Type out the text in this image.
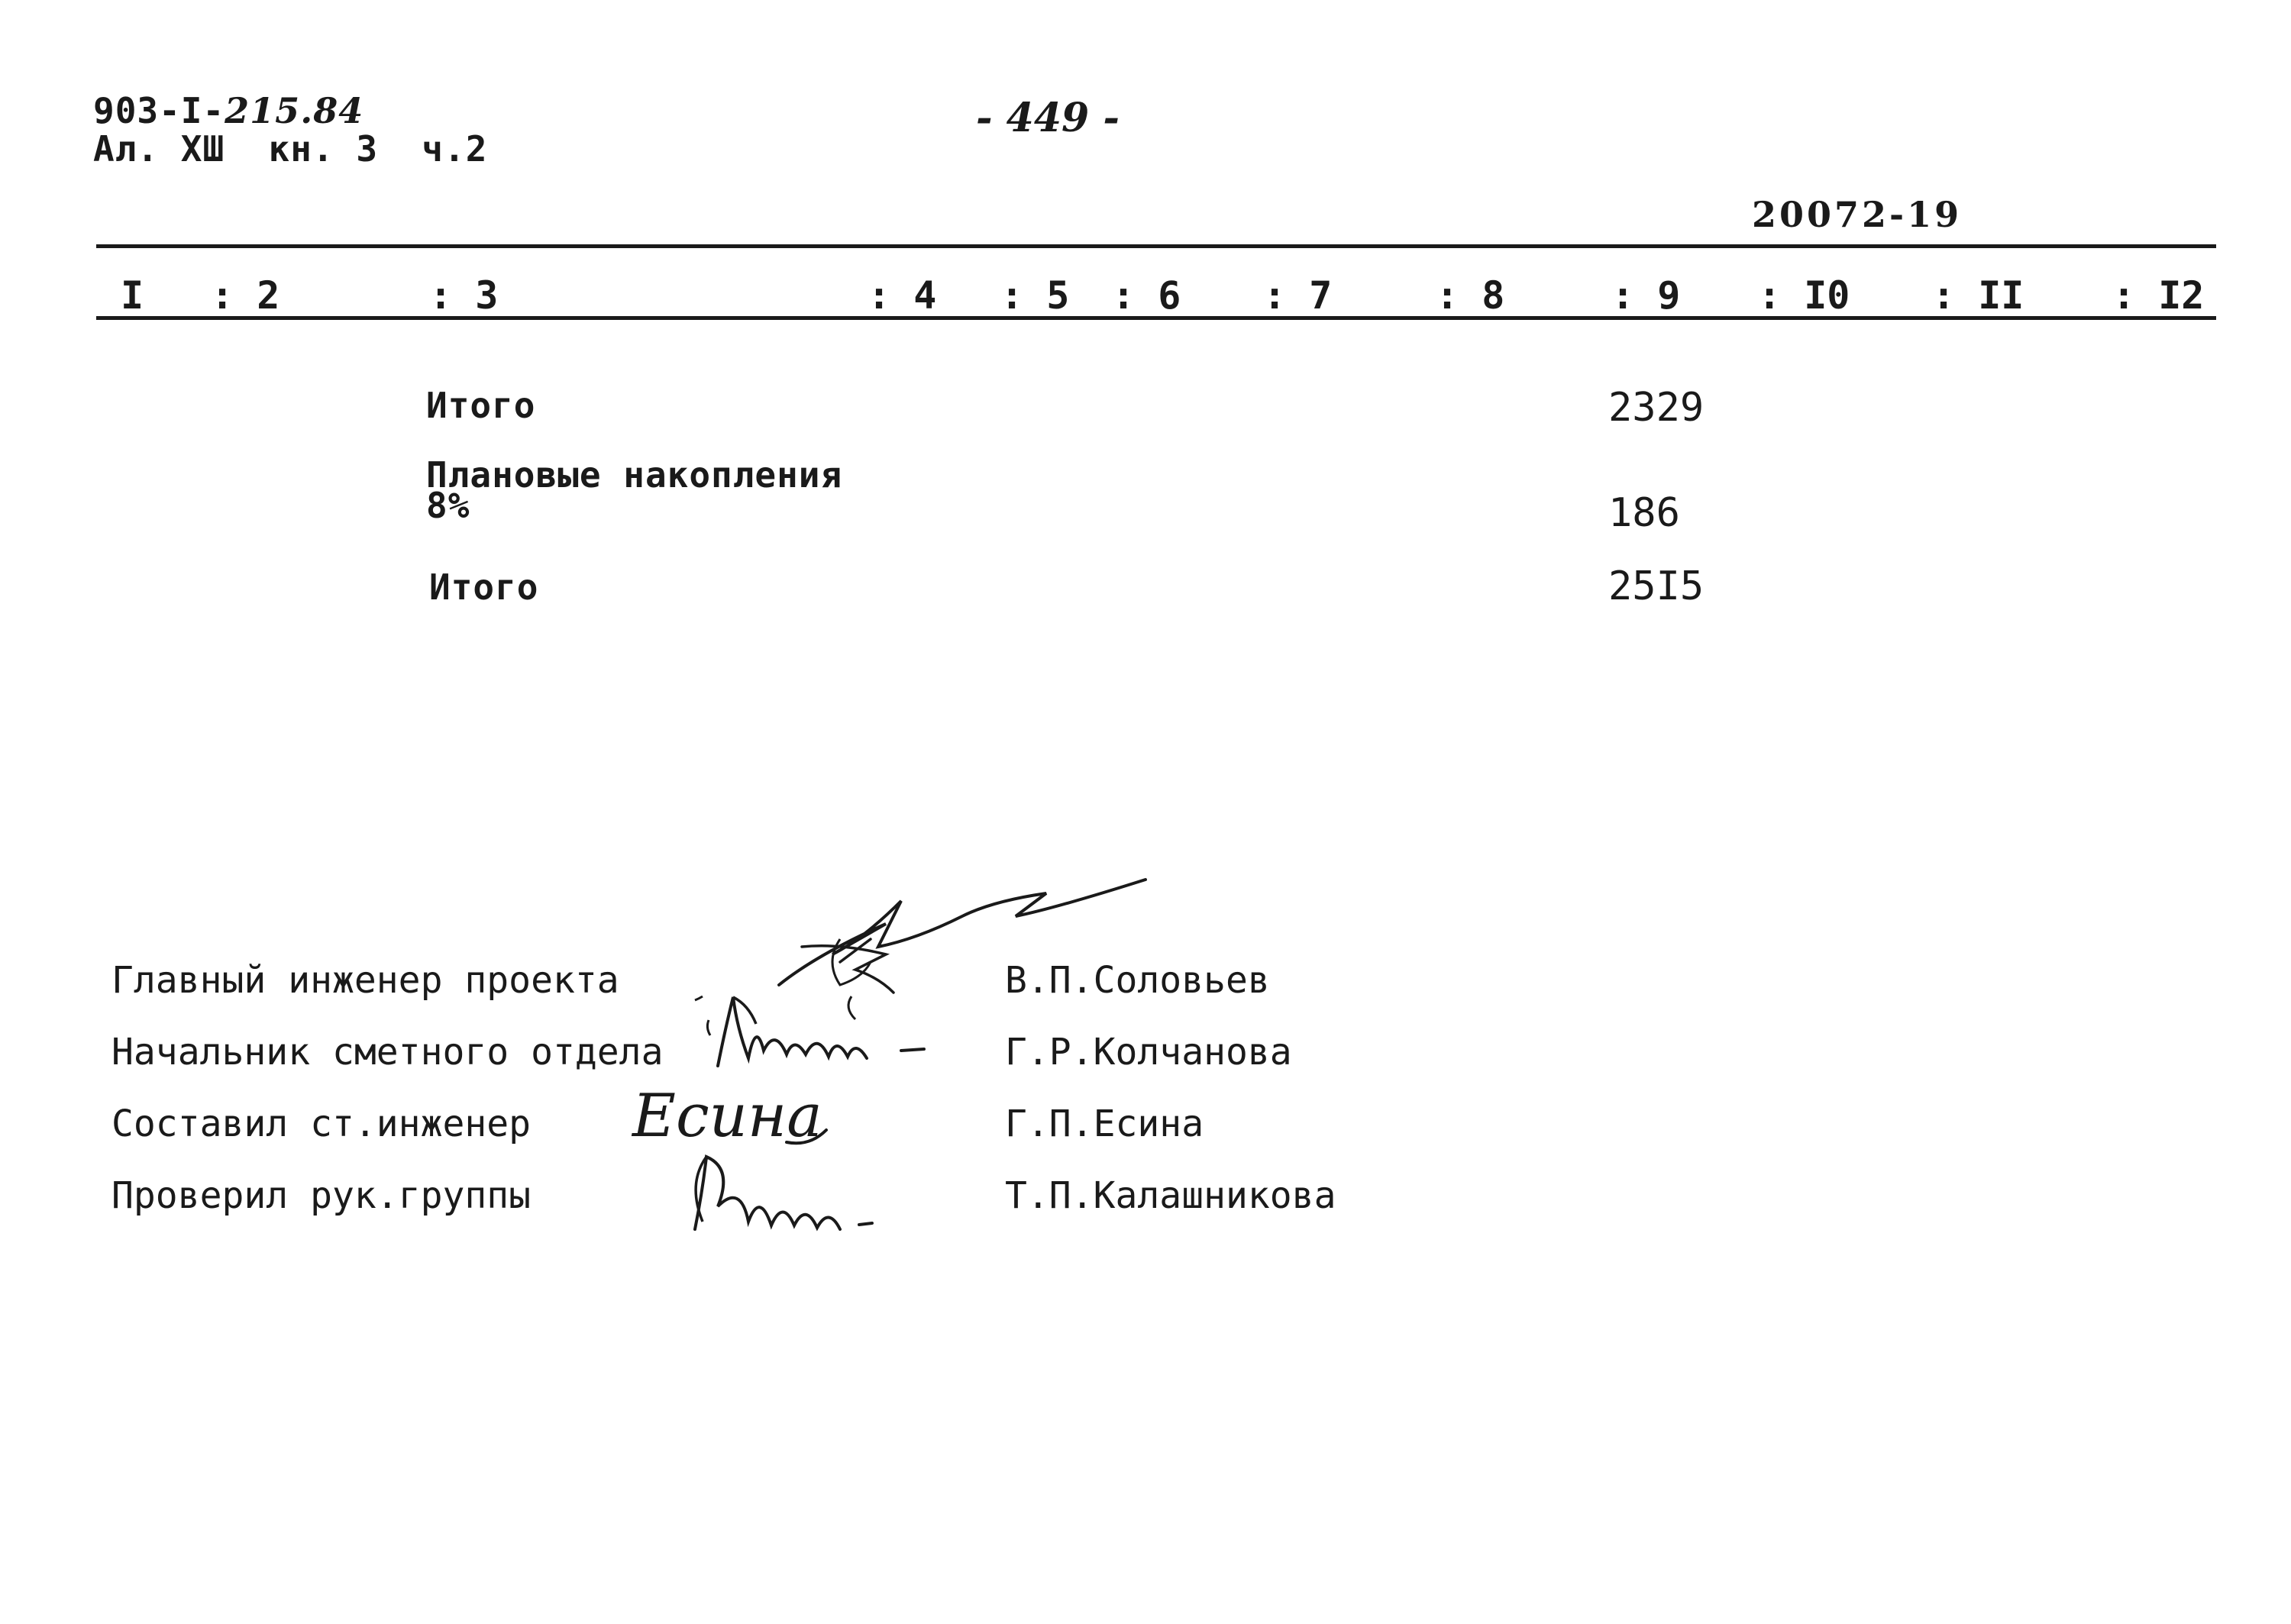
903-I-215.84
Ал. ХШ  кн. 3  ч.2
- 449 -
20072-19
I : 2	: 3	: 4 : 5 : 6 : 7	: 8	: 9 : I0 : II : I2
Итого	2329
Плановые накопления 8%	186
Итого	25I5
Главный инженер проекта	В.П.Соловьев
Начальник сметного отдела	Г.Р.Колчанова
Составил ст.инженер	Г.П.Есина
Проверил рук.группы	Т.П.Калашникова
Есина
